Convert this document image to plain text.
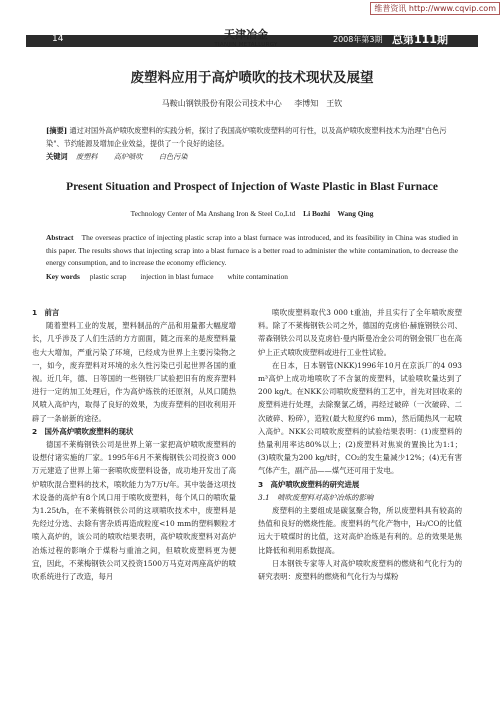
维普资讯 http://www.cqvip.com
14	天津冶金
TIANJIN METALLURGY
2008年第3期 总第111期
废塑料应用于高炉喷吹的技术现状及展望
马鞍山钢铁股份有限公司技术中心 李博知　王钦
[摘要] 通过对国外高炉喷吹废塑料的实践分析，探讨了我国高炉喷吹废塑料的可行性，以及高炉喷吹废塑料技术为治理"白色污染"、节约能源及增加企业效益，提供了一个良好的途径。
关键词 废塑料 高炉喷吹 白色污染
Present Situation and Prospect of Injection of Waste Plastic in Blast Furnace
Technology Center of Ma Anshang Iron & Steel Co,Ltd Li Bozhi　Wang Qing
Abstract The overseas practice of injecting plastic scrap into a blast furnace was introduced, and its feasibility in China was studied in this paper. The results shows that injecting scrap into a blast furnace is a better road to administer the white contamination, to decrease the energy consumption, and to increase the economy efficiency.
Key words plastic scrap injection in blast furnace white contamination
1　前言

随着塑料工业的发展，塑料制品的产品和用量都大幅度增长，几乎涉及了人们生活的方方面面，随之而来的是废塑料量也大大增加，严重污染了环境，已经成为世界上主要污染物之一，如今，废弃塑料对环境的永久性污染已引起世界各国的重视。近几年，德、日等国的一些钢铁厂试验把旧有的废弃塑料进行一定的加工处理后，作为高炉炼铁的还原剂，从风口随热风喷入高炉内，取得了良好的效果，为废弃塑料的回收利用开辟了一条崭新的途径。

2　国外高炉喷吹废塑料的现状

德国不莱梅钢铁公司是世界上第一家把高炉喷吹废塑料的设想付诸实施的厂家。1995年6月不莱梅钢铁公司投资3 000万元建造了世界上第一套喷吹废塑料设备，成功地开发出了高炉喷吹混合塑料的技术，喷吹能力为7万t/年。其中装备这项技术设备的高炉有8个风口用于喷吹废塑料，每个风口的喷吹量为1.25t/h，在不莱梅钢铁公司的这项喷吹技术中，废塑料是先经过分选、去除有害杂质再造成粒度<10 mm的塑料颗粒才喷入高炉的，该公司的喷吹结果表明，高炉喷吹废塑料对高炉冶炼过程的影响介于煤粉与重油之间，但喷吹废塑料更为便宜，因此，不莱梅钢铁公司又投资1500万马克对两座高炉的喷吹系统进行了改造，每月

喷吹废塑料取代3 000 t重油，并且实行了全年喷吹废塑料。除了不莱梅钢铁公司之外，德国的克虏伯·赫施钢铁公司、蒂森钢铁公司以及克虏伯·曼内斯曼冶金公司的钢金银厂也在高炉上正式喷吹废塑料或进行工业性试验。

在日本，日本钢管(NKK)1996年10月在京浜厂的4 093 m³高炉上成功地喷吹了不含氯的废塑料，试验喷吹量达到了200 kg/t。在NKK公司喷吹废塑料的工艺中，首先对回收来的废塑料进行处理，去除聚氯乙烯，再经过破碎（一次破碎、二次破碎、粉碎），造粒(最大粒度约6 mm)，然后随热风一起喷入高炉。NKK公司喷吹废塑料的试验结果表明：(1)废塑料的热量利用率达80%以上；(2)废塑料对焦炭的置换比为1:1；(3)喷吹量为200 kg/t时，CO₂的发生量减少12%；(4)无有害气体产生，副产品——煤气还可用于发电。

3　高炉喷吹废塑料的研究进展
3.1　喷吹废塑料对高炉冶炼的影响

废塑料的主要组成是碳氢聚合物，所以废塑料具有较高的热值和良好的燃烧性能。废塑料的气化产物中，H₂/CO的比值远大于喷煤时的比值，这对高炉冶炼是有利的。总的效果是焦比降低和利用系数提高。

日本钢铁专家等人对高炉喷吹废塑料的燃烧和气化行为的研究表明：废塑料的燃烧和气化行为与煤粉
